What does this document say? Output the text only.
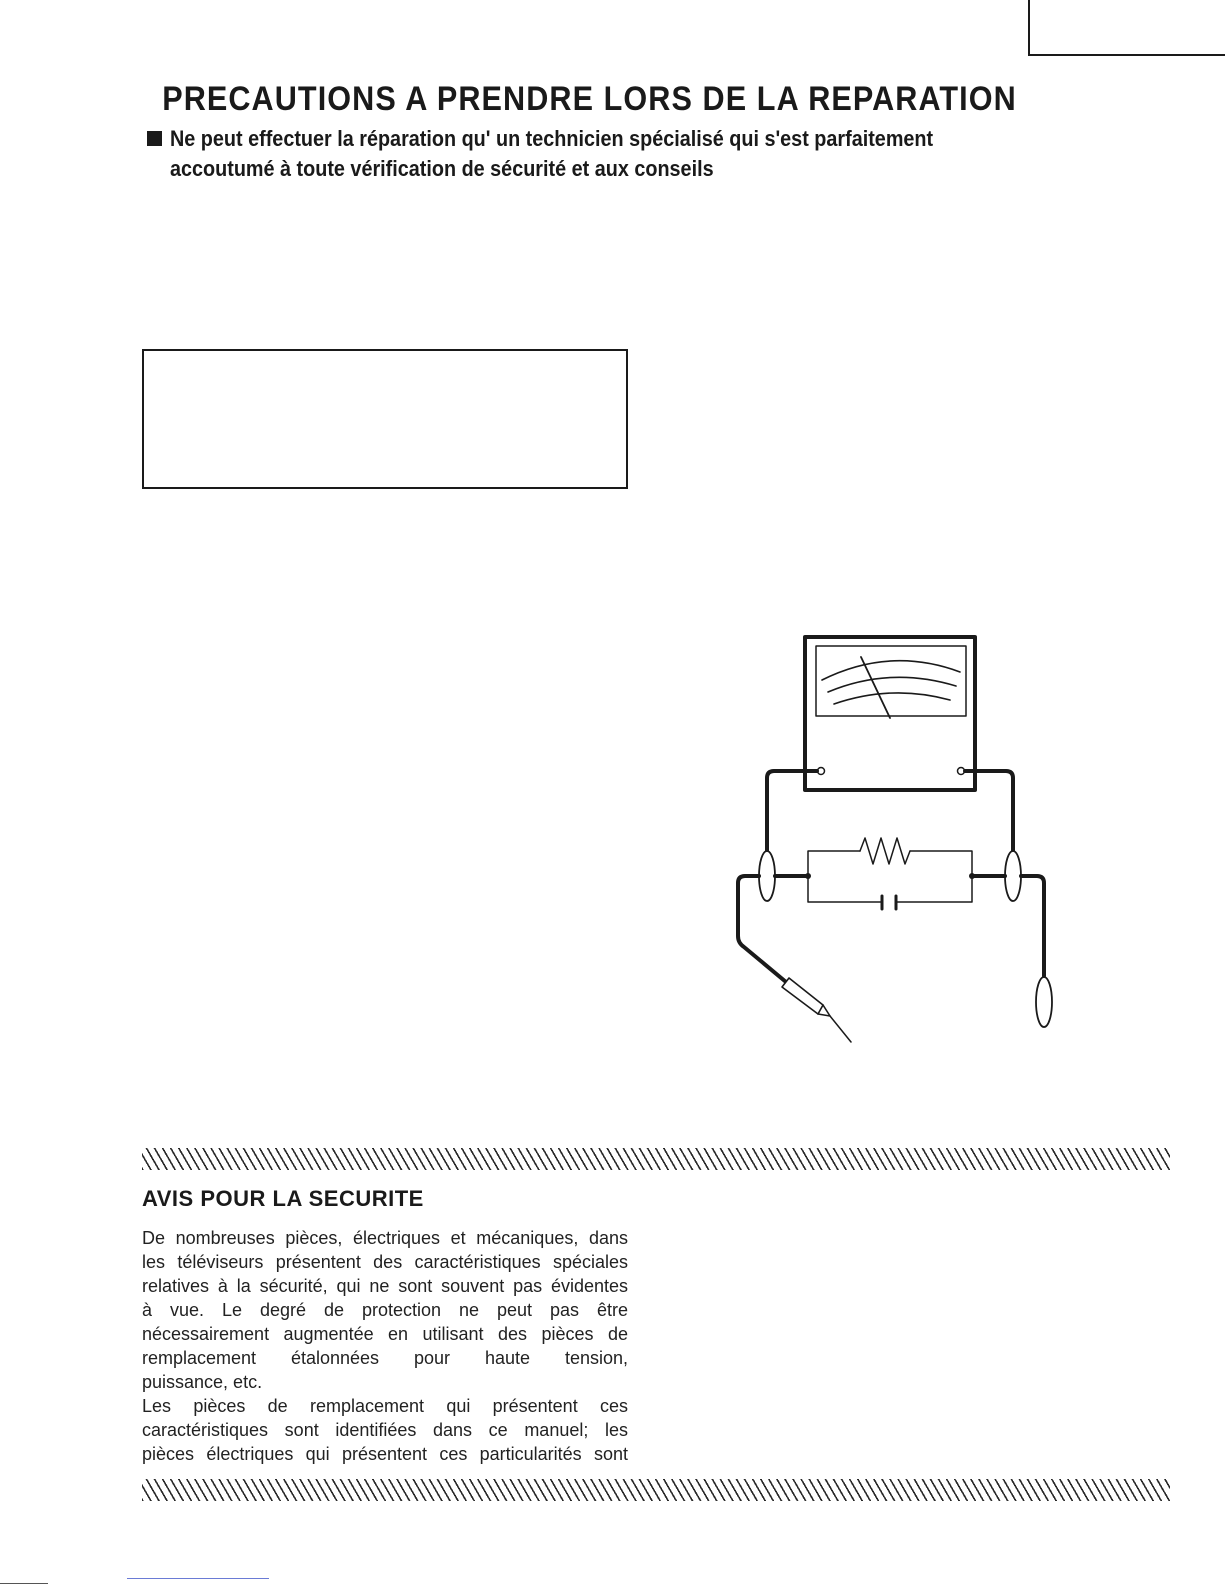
PRECAUTIONS A PRENDRE LORS DE LA REPARATION
Ne peut effectuer la réparation qu' un technicien spécialisé qui s'est parfaitement
accoutumé à toute vérification de sécurité et aux conseils
AVIS POUR LA SECURITE

De nombreuses pièces, électriques et mécaniques, dans
les téléviseurs présentent des caractéristiques spéciales
relatives à la sécurité, qui ne sont souvent pas évidentes
à vue. Le degré de protection ne peut pas être
nécessairement augmentée en utilisant des pièces de
remplacement étalonnées pour haute tension,
puissance, etc.

Les pièces de remplacement qui présentent ces
caractéristiques sont identifiées dans ce manuel; les
pièces électriques qui présentent ces particularités sont
